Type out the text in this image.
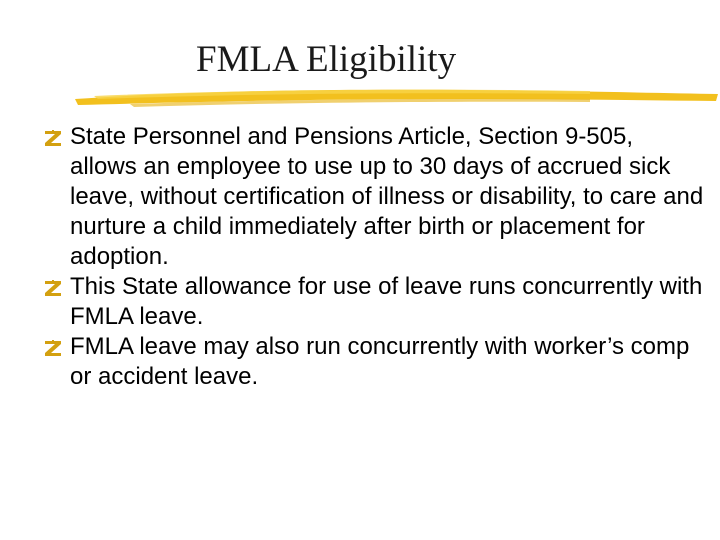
FMLA Eligibility
State Personnel and Pensions Article, Section 9-505, allows an employee to use up to 30 days of accrued sick leave, without certification of illness or disability, to care and nurture a child immediately after birth or placement for adoption.
This State allowance for use of leave runs concurrently with FMLA leave.
FMLA leave may also run concurrently with worker’s comp or accident leave.
